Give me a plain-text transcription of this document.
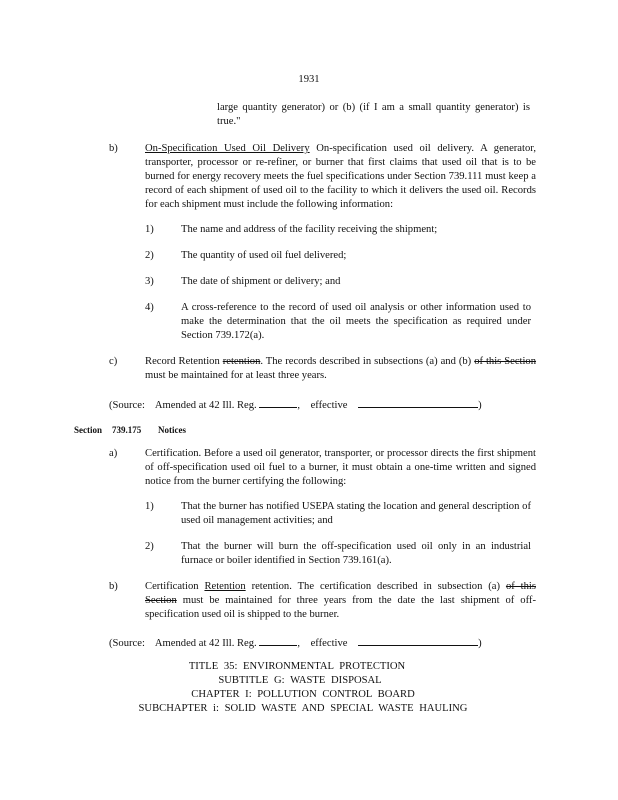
1931
large quantity generator) or (b) (if I am a small quantity generator) is true."
b)	On-Specification Used Oil Delivery On-specification used oil delivery. A generator, transporter, processor or re-refiner, or burner that first claims that used oil that is to be burned for energy recovery meets the fuel specifications under Section 739.111 must keep a record of each shipment of used oil to the facility to which it delivers the used oil. Records for each shipment must include the following information:
1)	The name and address of the facility receiving the shipment;
2)	The quantity of used oil fuel delivered;
3)	The date of shipment or delivery; and
4)	A cross-reference to the record of used oil analysis or other information used to make the determination that the oil meets the specification as required under Section 739.172(a).
c)	Record Retention retention. The records described in subsections (a) and (b) of this Section must be maintained for at least three years.
(Source: Amended at 42 Ill. Reg.	, effective	)
Section 739.175 Notices
a)	Certification. Before a used oil generator, transporter, or processor directs the first shipment of off-specification used oil fuel to a burner, it must obtain a one-time written and signed notice from the burner certifying the following:
1)	That the burner has notified USEPA stating the location and general description of used oil management activities; and
2)	That the burner will burn the off-specification used oil only in an industrial furnace or boiler identified in Section 739.161(a).
b)	Certification Retention retention. The certification described in subsection (a) of this Section must be maintained for three years from the date the last shipment of off-specification used oil is shipped to the burner.
(Source: Amended at 42 Ill. Reg.	, effective	)
TITLE 35: ENVIRONMENTAL PROTECTION
SUBTITLE G: WASTE DISPOSAL
CHAPTER I: POLLUTION CONTROL BOARD
SUBCHAPTER i: SOLID WASTE AND SPECIAL WASTE HAULING
